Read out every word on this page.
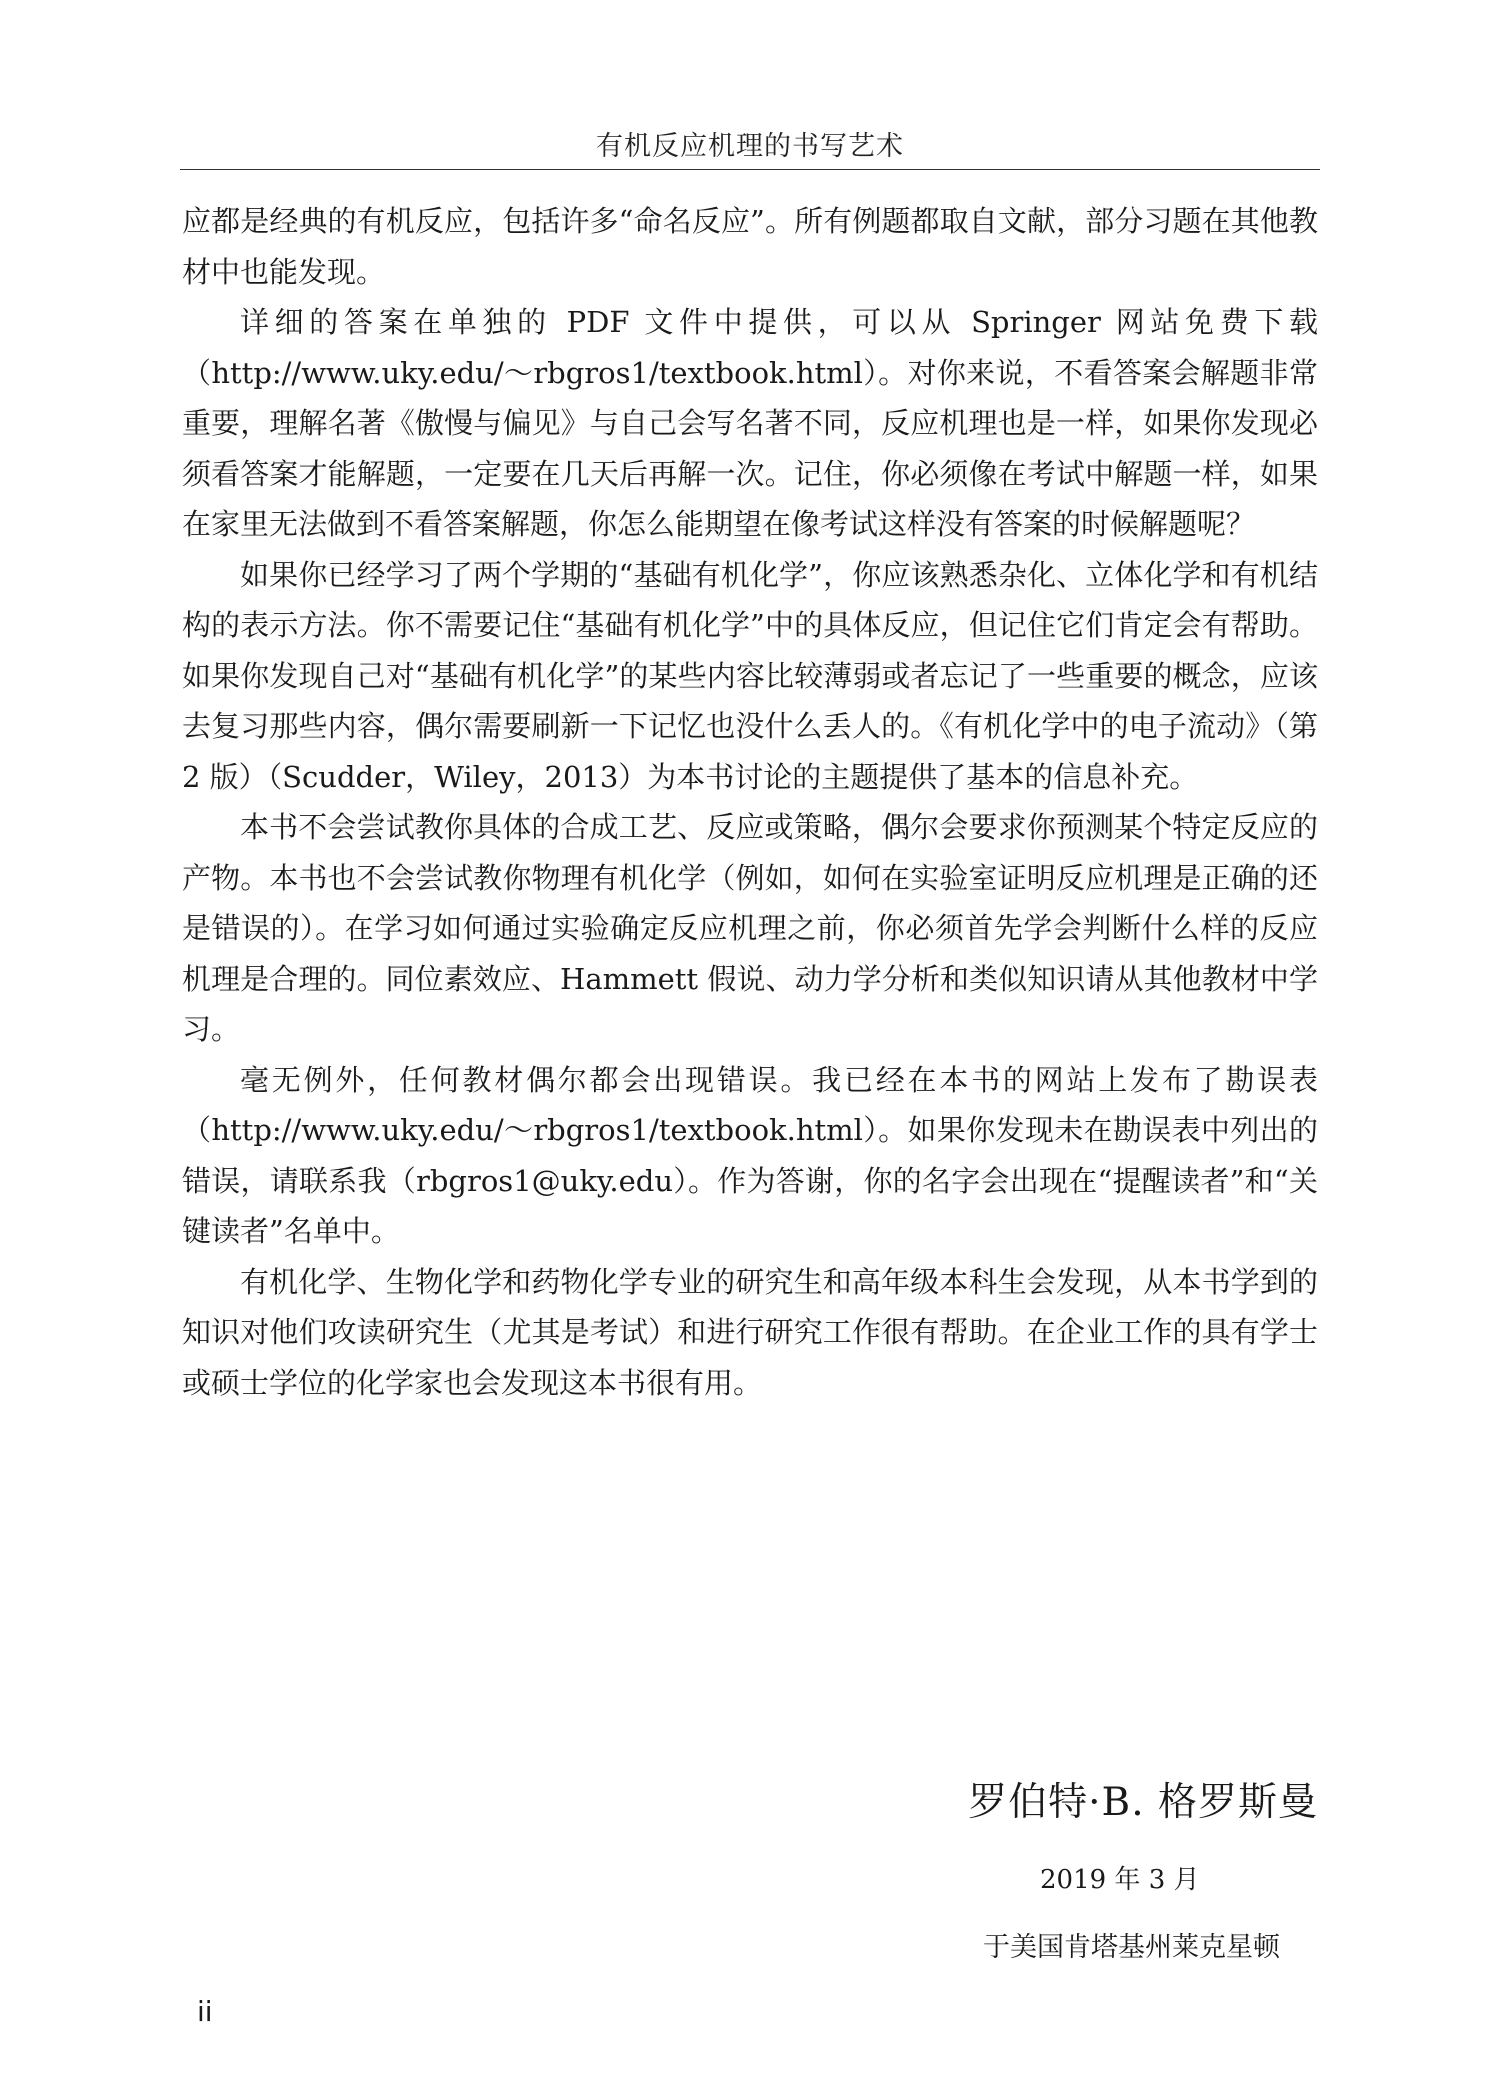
有机反应机理的书写艺术

应都是经典的有机反应，包括许多“命名反应”。所有例题都取自文献，部分习题在其他教材中也能发现。

详细的答案在单独的 PDF 文件中提供，可以从 Springer 网站免费下载（http://www.uky.edu/～rbgros1/textbook.html）。对你来说，不看答案会解题非常重要，理解名著《傲慢与偏见》与自己会写名著不同，反应机理也是一样，如果你发现必须看答案才能解题，一定要在几天后再解一次。记住，你必须像在考试中解题一样，如果在家里无法做到不看答案解题，你怎么能期望在像考试这样没有答案的时候解题呢？

如果你已经学习了两个学期的“基础有机化学”，你应该熟悉杂化、立体化学和有机结构的表示方法。你不需要记住“基础有机化学”中的具体反应，但记住它们肯定会有帮助。如果你发现自己对“基础有机化学”的某些内容比较薄弱或者忘记了一些重要的概念，应该去复习那些内容，偶尔需要刷新一下记忆也没什么丢人的。《有机化学中的电子流动》（第 2 版）（Scudder，Wiley，2013）为本书讨论的主题提供了基本的信息补充。

本书不会尝试教你具体的合成工艺、反应或策略，偶尔会要求你预测某个特定反应的产物。本书也不会尝试教你物理有机化学（例如，如何在实验室证明反应机理是正确的还是错误的）。在学习如何通过实验确定反应机理之前，你必须首先学会判断什么样的反应机理是合理的。同位素效应、Hammett 假说、动力学分析和类似知识请从其他教材中学习。

毫无例外，任何教材偶尔都会出现错误。我已经在本书的网站上发布了勘误表（http://www.uky.edu/～rbgros1/textbook.html）。如果你发现未在勘误表中列出的错误，请联系我（rbgros1@uky.edu）。作为答谢，你的名字会出现在“提醒读者”和“关键读者”名单中。

有机化学、生物化学和药物化学专业的研究生和高年级本科生会发现，从本书学到的知识对他们攻读研究生（尤其是考试）和进行研究工作很有帮助。在企业工作的具有学士或硕士学位的化学家也会发现这本书很有用。

罗伯特·B. 格罗斯曼
2019 年 3 月
于美国肯塔基州莱克星顿
ii
